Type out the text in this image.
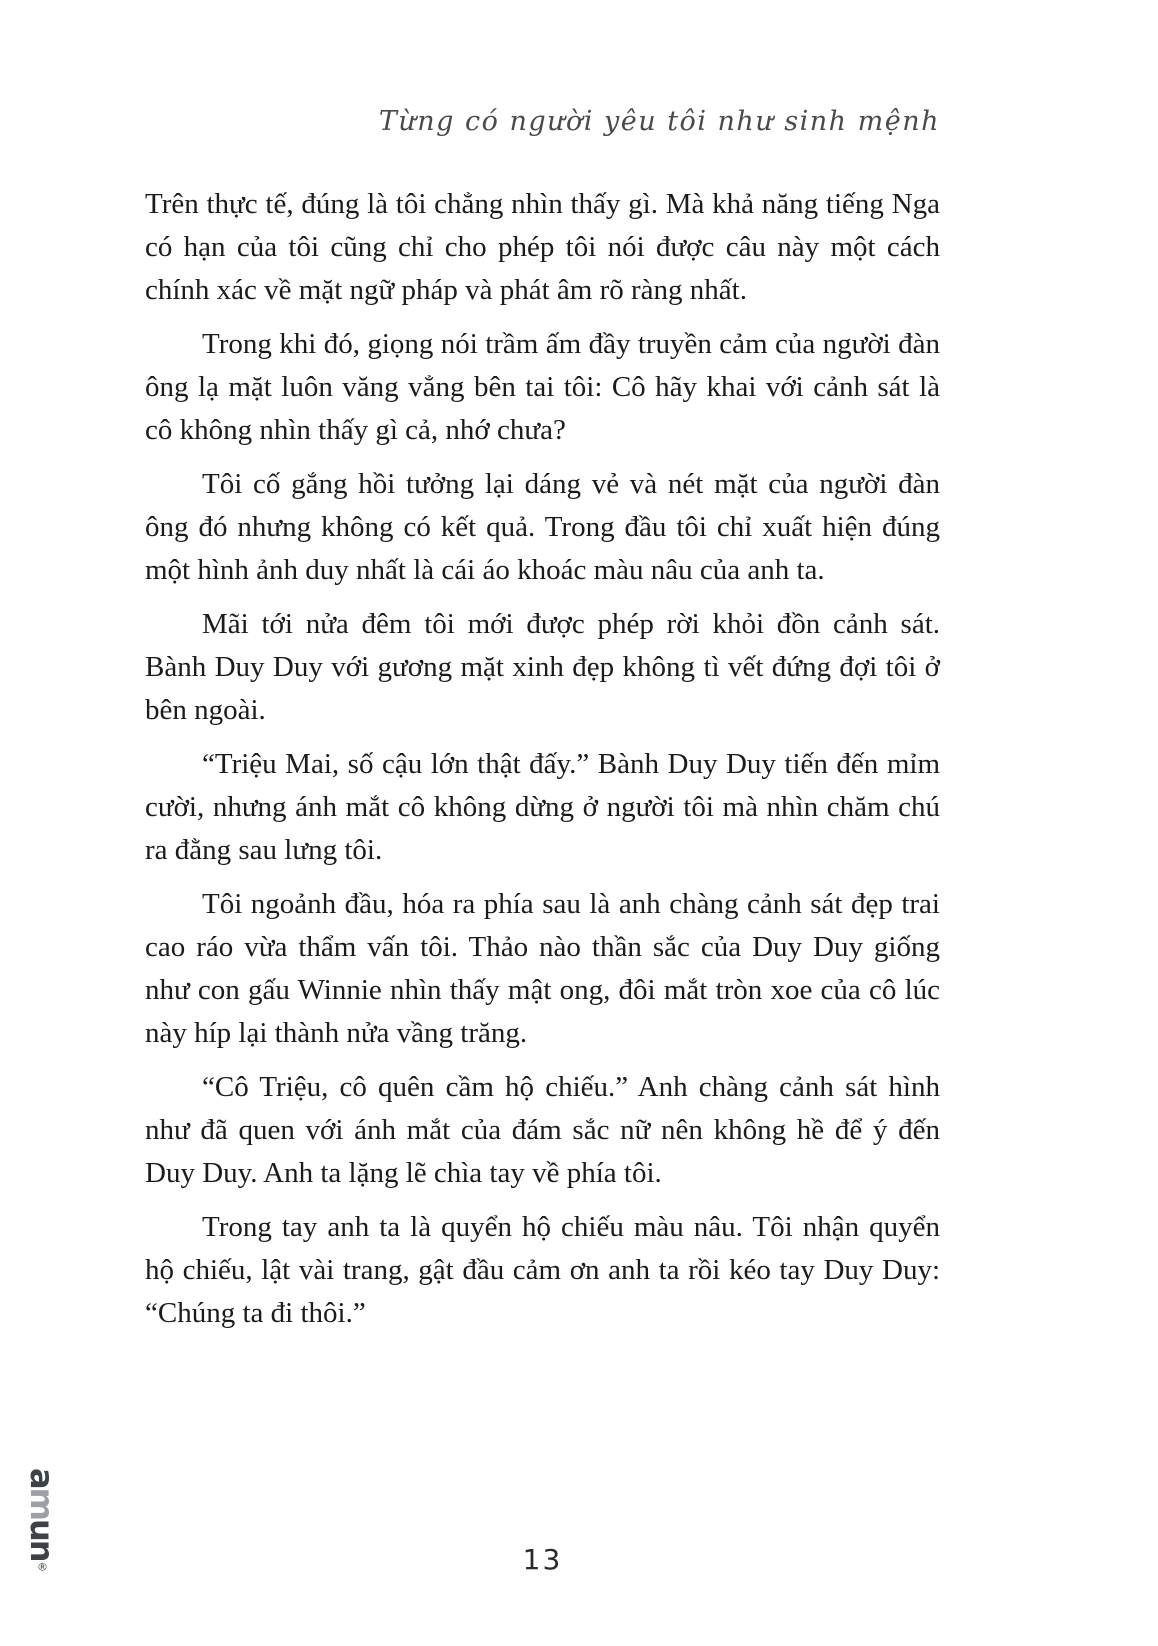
Từng có người yêu tôi như sinh mệnh

Trên thực tế, đúng là tôi chẳng nhìn thấy gì. Mà khả năng tiếng Nga có hạn của tôi cũng chỉ cho phép tôi nói được câu này một cách chính xác về mặt ngữ pháp và phát âm rõ ràng nhất.

Trong khi đó, giọng nói trầm ấm đầy truyền cảm của người đàn ông lạ mặt luôn văng vẳng bên tai tôi: Cô hãy khai với cảnh sát là cô không nhìn thấy gì cả, nhớ chưa?

Tôi cố gắng hồi tưởng lại dáng vẻ và nét mặt của người đàn ông đó nhưng không có kết quả. Trong đầu tôi chỉ xuất hiện đúng một hình ảnh duy nhất là cái áo khoác màu nâu của anh ta.

Mãi tới nửa đêm tôi mới được phép rời khỏi đồn cảnh sát. Bành Duy Duy với gương mặt xinh đẹp không tì vết đứng đợi tôi ở bên ngoài.

“Triệu Mai, số cậu lớn thật đấy.” Bành Duy Duy tiến đến mỉm cười, nhưng ánh mắt cô không dừng ở người tôi mà nhìn chăm chú ra đằng sau lưng tôi.

Tôi ngoảnh đầu, hóa ra phía sau là anh chàng cảnh sát đẹp trai cao ráo vừa thẩm vấn tôi. Thảo nào thần sắc của Duy Duy giống như con gấu Winnie nhìn thấy mật ong, đôi mắt tròn xoe của cô lúc này híp lại thành nửa vầng trăng.

“Cô Triệu, cô quên cầm hộ chiếu.” Anh chàng cảnh sát hình như đã quen với ánh mắt của đám sắc nữ nên không hề để ý đến Duy Duy. Anh ta lặng lẽ chìa tay về phía tôi.

Trong tay anh ta là quyển hộ chiếu màu nâu. Tôi nhận quyển hộ chiếu, lật vài trang, gật đầu cảm ơn anh ta rồi kéo tay Duy Duy: “Chúng ta đi thôi.”

amun®	13
